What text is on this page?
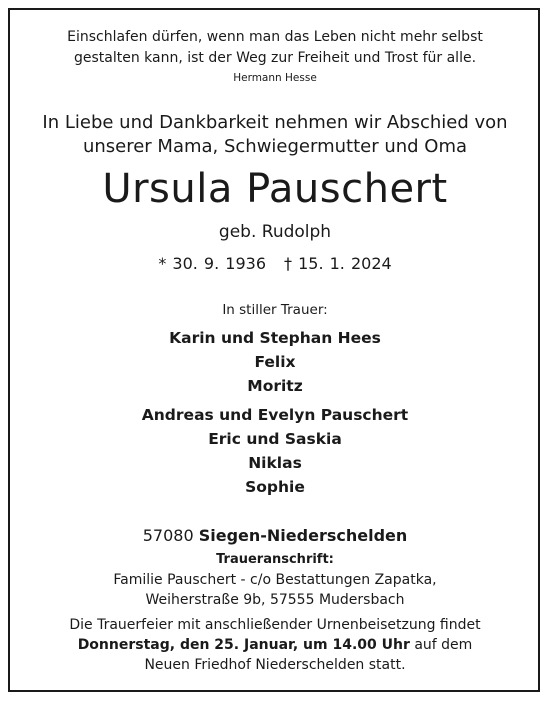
Einschlafen dürfen, wenn man das Leben nicht mehr selbst
gestalten kann, ist der Weg zur Freiheit und Trost für alle.
Hermann Hesse
In Liebe und Dankbarkeit nehmen wir Abschied von
unserer Mama, Schwiegermutter und Oma
Ursula Pauschert
geb. Rudolph
* 30. 9. 1936 † 15. 1. 2024
In stiller Trauer:
Karin und Stephan Hees
Felix
Moritz
Andreas und Evelyn Pauschert
Eric und Saskia
Niklas
Sophie
57080 Siegen-Niederschelden
Traueranschrift:
Familie Pauschert - c/o Bestattungen Zapatka,
Weiherstraße 9b, 57555 Mudersbach
Die Trauerfeier mit anschließender Urnenbeisetzung findet
Donnerstag, den 25. Januar, um 14.00 Uhr auf dem
Neuen Friedhof Niederschelden statt.
